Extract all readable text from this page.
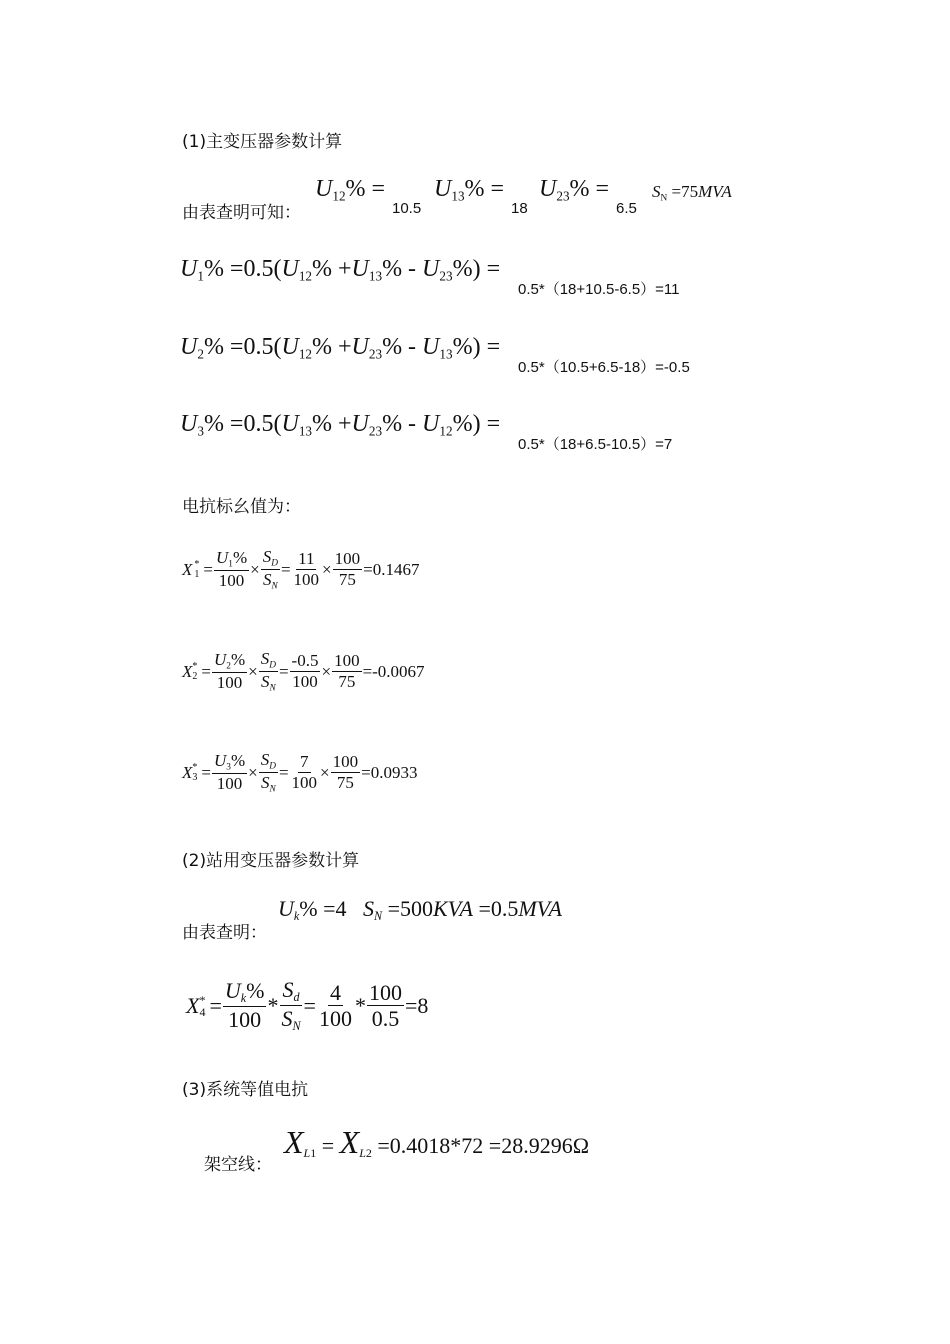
(1)主变压器参数计算
由表查明可知：
$U_{12}\%$ =
10.5
$U_{13}\%$ =
18
$U_{23}\%$ =
6.5
$S_N =75MVA$
$U_1\% =0.5(U_{12}\% +U_{13}\% - U_{23}\%)$ =
0.5*（18+10.5-6.5）=11
$U_2\% =0.5(U_{12}\% +U_{23}\% - U_{13}\%)$ =
0.5*（10.5+6.5-18）=-0.5
$U_3\% =0.5(U_{13}\% +U_{23}\% - U_{12}\%)$ =
0.5*（18+6.5-10.5）=7
电抗标幺值为：
X *
$1 = \frac{U_1\%}{100} \times \frac{S_D}{S_N} = \frac{11}{100} \times \frac{100}{75} =0.1467$
X *
$2 = \frac{U_2\%}{100} \times \frac{S_D}{S_N} = \frac{-0.5}{100} \times \frac{100}{75} =-0.0067$
X *
$3 = \frac{U_3\%}{100} \times \frac{S_D}{S_N} = \frac{7}{100} \times \frac{100}{75} =0.0933$
(2)站用变压器参数计算
由表查明：
$U_k\% =4$ $S_N =500KVA =0.5MVA$
X *
$4 = \frac{U_k\%}{100} * \frac{S_d}{S_N} = \frac{4}{100} * \frac{100}{0.5} =8$
(3)系统等值电抗
架空线：
$X_{L1} = X_{L2} =0.4018*72 =28.9296\Omega$
